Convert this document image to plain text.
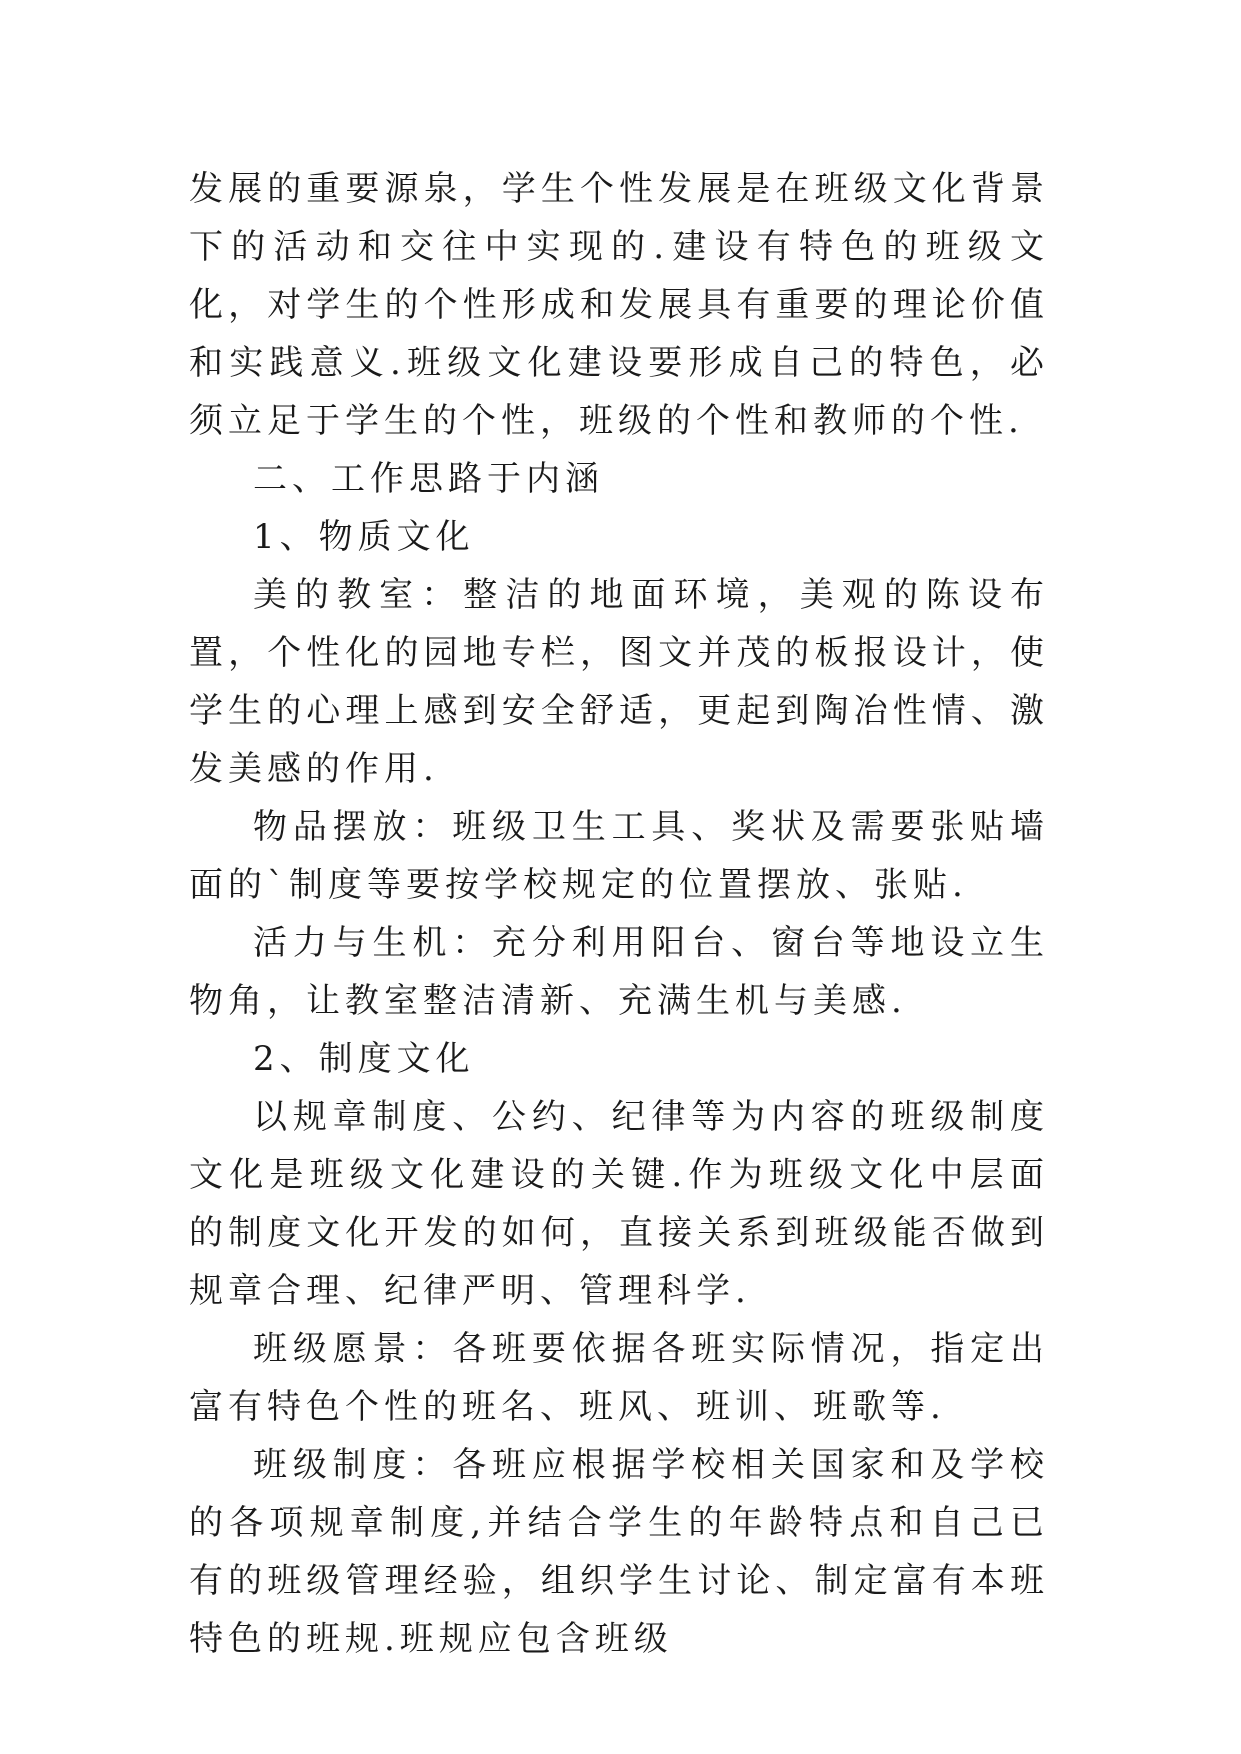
发展的重要源泉，学生个性发展是在班级文化背景下的活动和交往中实现的.建设有特色的班级文化，对学生的个性形成和发展具有重要的理论价值和实践意义.班级文化建设要形成自己的特色，必须立足于学生的个性，班级的个性和教师的个性.

二、工作思路于内涵

1、物质文化

美的教室：整洁的地面环境，美观的陈设布置，个性化的园地专栏，图文并茂的板报设计，使学生的心理上感到安全舒适，更起到陶冶性情、激发美感的作用.

物品摆放：班级卫生工具、奖状及需要张贴墙面的`制度等要按学校规定的位置摆放、张贴.

活力与生机：充分利用阳台、窗台等地设立生物角，让教室整洁清新、充满生机与美感.

2、制度文化

以规章制度、公约、纪律等为内容的班级制度文化是班级文化建设的关键.作为班级文化中层面的制度文化开发的如何，直接关系到班级能否做到规章合理、纪律严明、管理科学.

班级愿景：各班要依据各班实际情况，指定出富有特色个性的班名、班风、班训、班歌等.

班级制度：各班应根据学校相关国家和及学校的各项规章制度,并结合学生的年龄特点和自己已有的班级管理经验，组织学生讨论、制定富有本班特色的班规.班规应包含班级
